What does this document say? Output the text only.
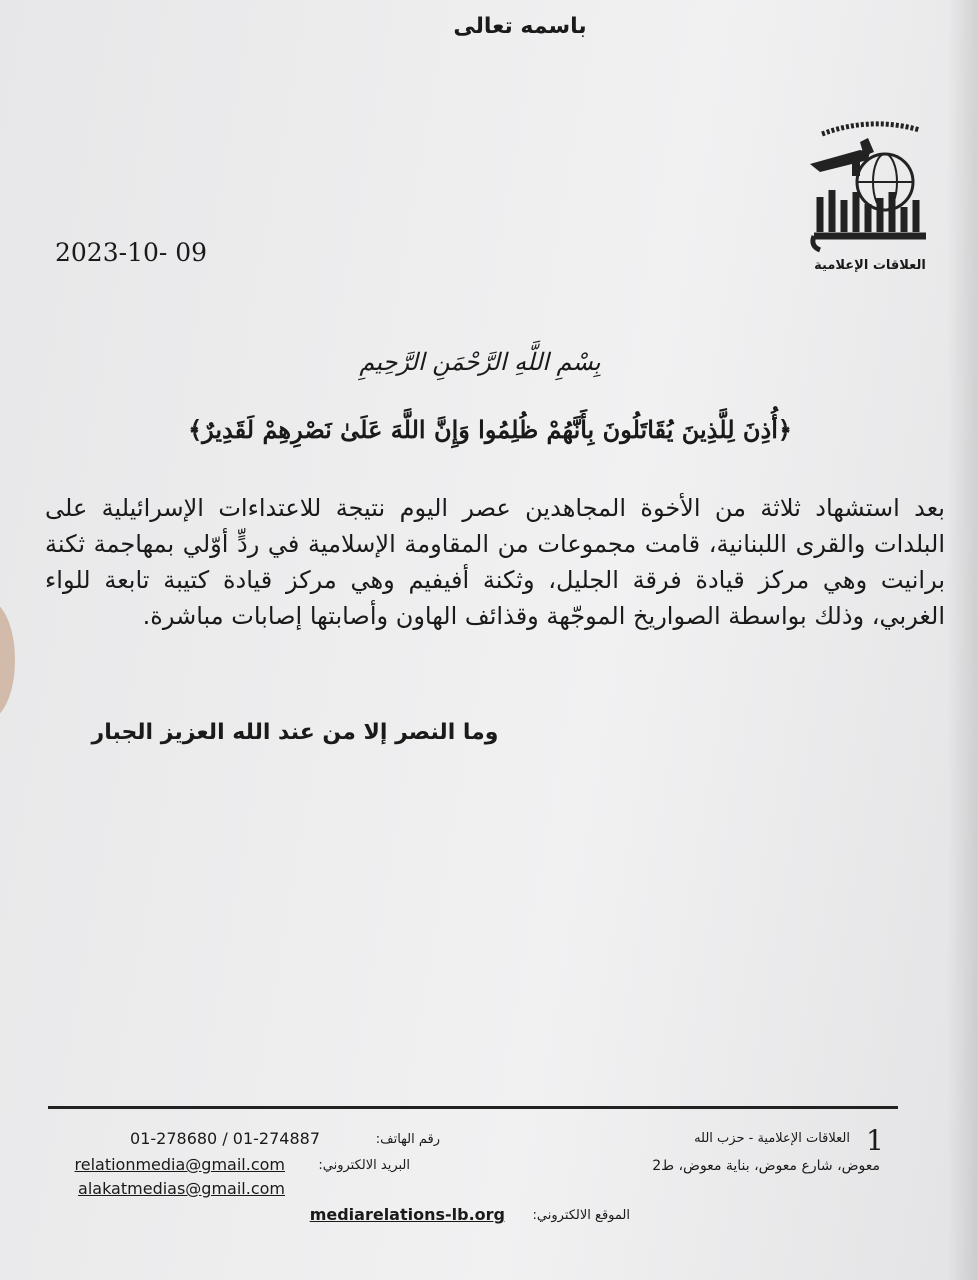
باسمه تعالى
العلاقات الإعلامية
2023-10- 09
بِسْمِ اللَّهِ الرَّحْمَنِ الرَّحِيمِ
﴿أُذِنَ لِلَّذِينَ يُقَاتَلُونَ بِأَنَّهُمْ ظُلِمُوا وَإِنَّ اللَّهَ عَلَىٰ نَصْرِهِمْ لَقَدِيرٌ﴾
بعد استشهاد ثلاثة من الأخوة المجاهدين عصر اليوم نتيجة للاعتداءات الإسرائيلية على البلدات والقرى اللبنانية، قامت مجموعات من المقاومة الإسلامية في ردٍّ أوّلي بمهاجمة ثكنة برانيت وهي مركز قيادة فرقة الجليل، وثكنة أفيفيم وهي مركز قيادة كتيبة تابعة للواء الغربي، وذلك بواسطة الصواريخ الموجّهة وقذائف الهاون وأصابتها إصابات مباشرة.
وما النصر إلا من عند الله العزيز الجبار
1
العلاقات الإعلامية - حزب الله
معوض، شارع معوض، بناية معوض، ط2
رقم الهاتف:
01-278680 / 01-274887
البريد الالكتروني:
relationmedia@gmail.com
alakatmedias@gmail.com
الموقع الالكتروني:
mediarelations-lb.org
